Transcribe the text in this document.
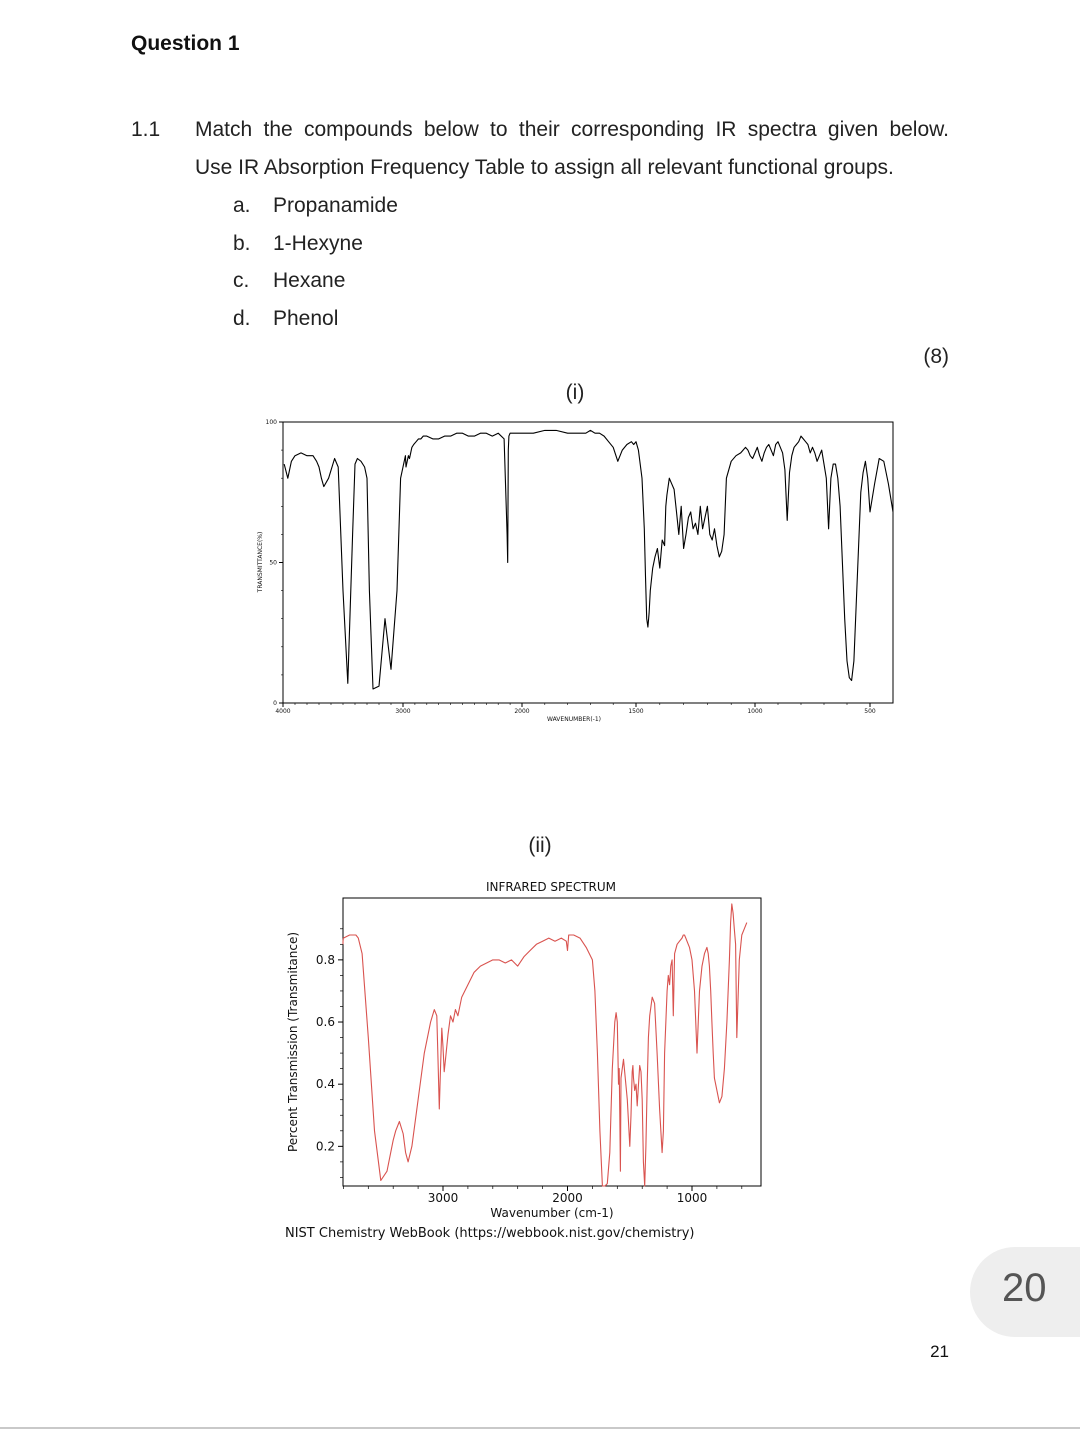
Question 1
1.1 Match the compounds below to their corresponding IR spectra given below.
Use IR Absorption Frequency Table to assign all relevant functional groups.
a. Propanamide
b. 1-Hexyne
c. Hexane
d. Phenol
(8)
(i)
4000	3000	2000	1500	1000	500
100
50
0
WAVENUMBER(-1)
TRANSMITTANCE(%)
(ii)
INFRARED SPECTRUM
3000	2000	1000
0.2
0.4
0.6
0.8
Wavenumber (cm-1)
Percent Transmission (Transmitance)
NIST Chemistry WebBook (https://webbook.nist.gov/chemistry)
20
21
